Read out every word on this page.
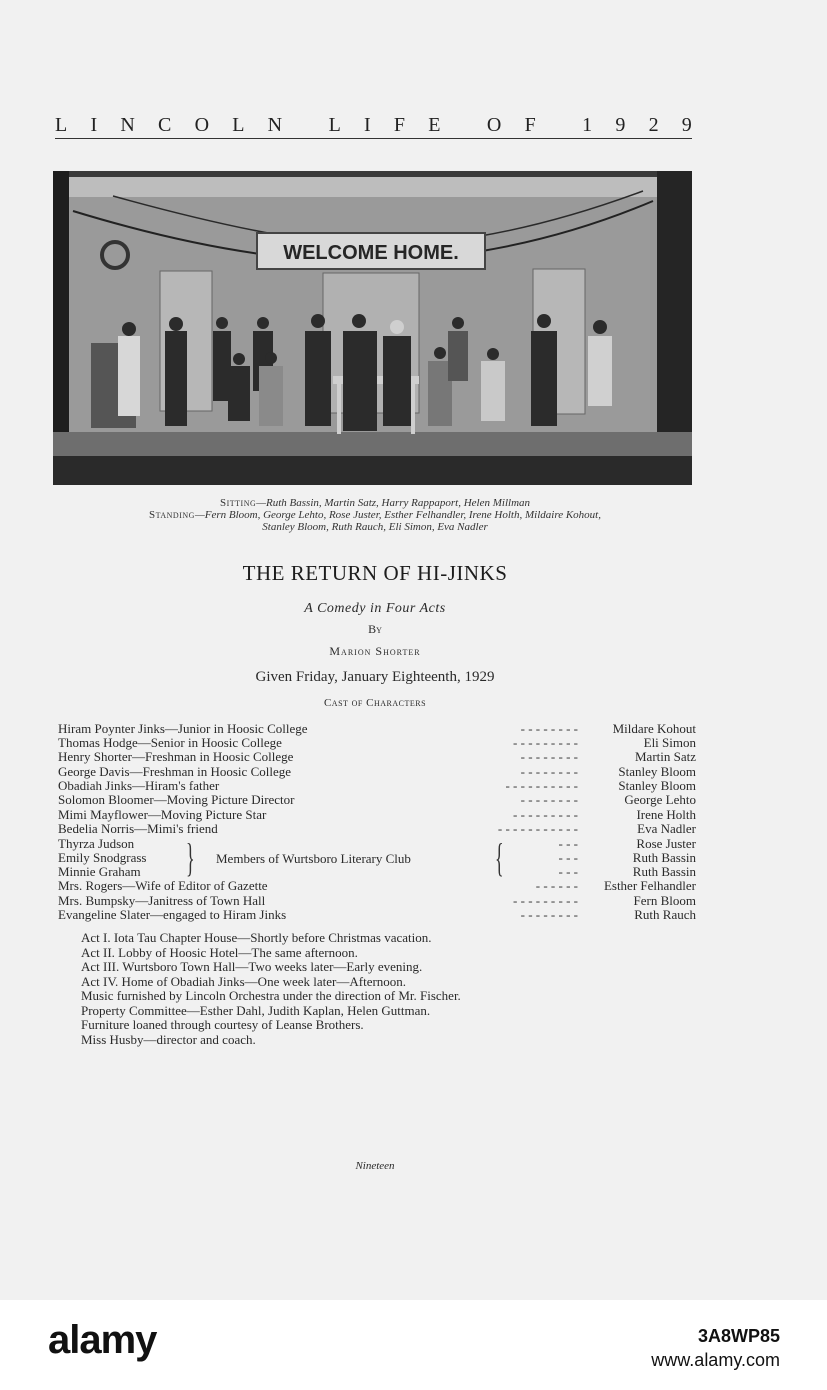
L I N C O L N L I F E O F 1 9 2 9
WELCOME HOME.
Sitting—Ruth Bassin, Martin Satz, Harry Rappaport, Helen Millman
Standing—Fern Bloom, George Lehto, Rose Juster, Esther Felhandler, Irene Holth, Mildaire Kohout,
Stanley Bloom, Ruth Rauch, Eli Simon, Eva Nadler
THE RETURN OF HI-JINKS
A Comedy in Four Acts
By
Marion Shorter
Given Friday, January Eighteenth, 1929
Cast of Characters
Hiram Poynter Jinks—Junior in Hoosic College	- - - - - - - -	Mildare Kohout
Thomas Hodge—Senior in Hoosic College	- - - - - - - - -	Eli Simon
Henry Shorter—Freshman in Hoosic College	- - - - - - - -	Martin Satz
George Davis—Freshman in Hoosic College	- - - - - - - -	Stanley Bloom
Obadiah Jinks—Hiram's father	- - - - - - - - - -	Stanley Bloom
Solomon Bloomer—Moving Picture Director	- - - - - - - -	George Lehto
Mimi Mayflower—Moving Picture Star	- - - - - - - - -	Irene Holth
Bedelia Norris—Mimi's friend	- - - - - - - - - - -	Eva Nadler
Thyrza Judson	- - -	Rose Juster
Emily Snodgrass	- - -	Ruth Bassin
Minnie Graham	- - -	Ruth Bassin
Mrs. Rogers—Wife of Editor of Gazette	- - - - - - Esther Felhandler
Mrs. Bumpsky—Janitress of Town Hall	- - - - - - - - -	Fern Bloom
Evangeline Slater—engaged to Hiram Jinks	- - - - - - - -	Ruth Rauch
} Members of Wurtsboro Literary Club {
Act I. Iota Tau Chapter House—Shortly before Christmas vacation.
Act II. Lobby of Hoosic Hotel—The same afternoon.
Act III. Wurtsboro Town Hall—Two weeks later—Early evening.
Act IV. Home of Obadiah Jinks—One week later—Afternoon.
Music furnished by Lincoln Orchestra under the direction of Mr. Fischer.
Property Committee—Esther Dahl, Judith Kaplan, Helen Guttman.
Furniture loaned through courtesy of Leanse Brothers.
Miss Husby—director and coach.
Nineteen
alamy	3A8WP85
www.alamy.com
